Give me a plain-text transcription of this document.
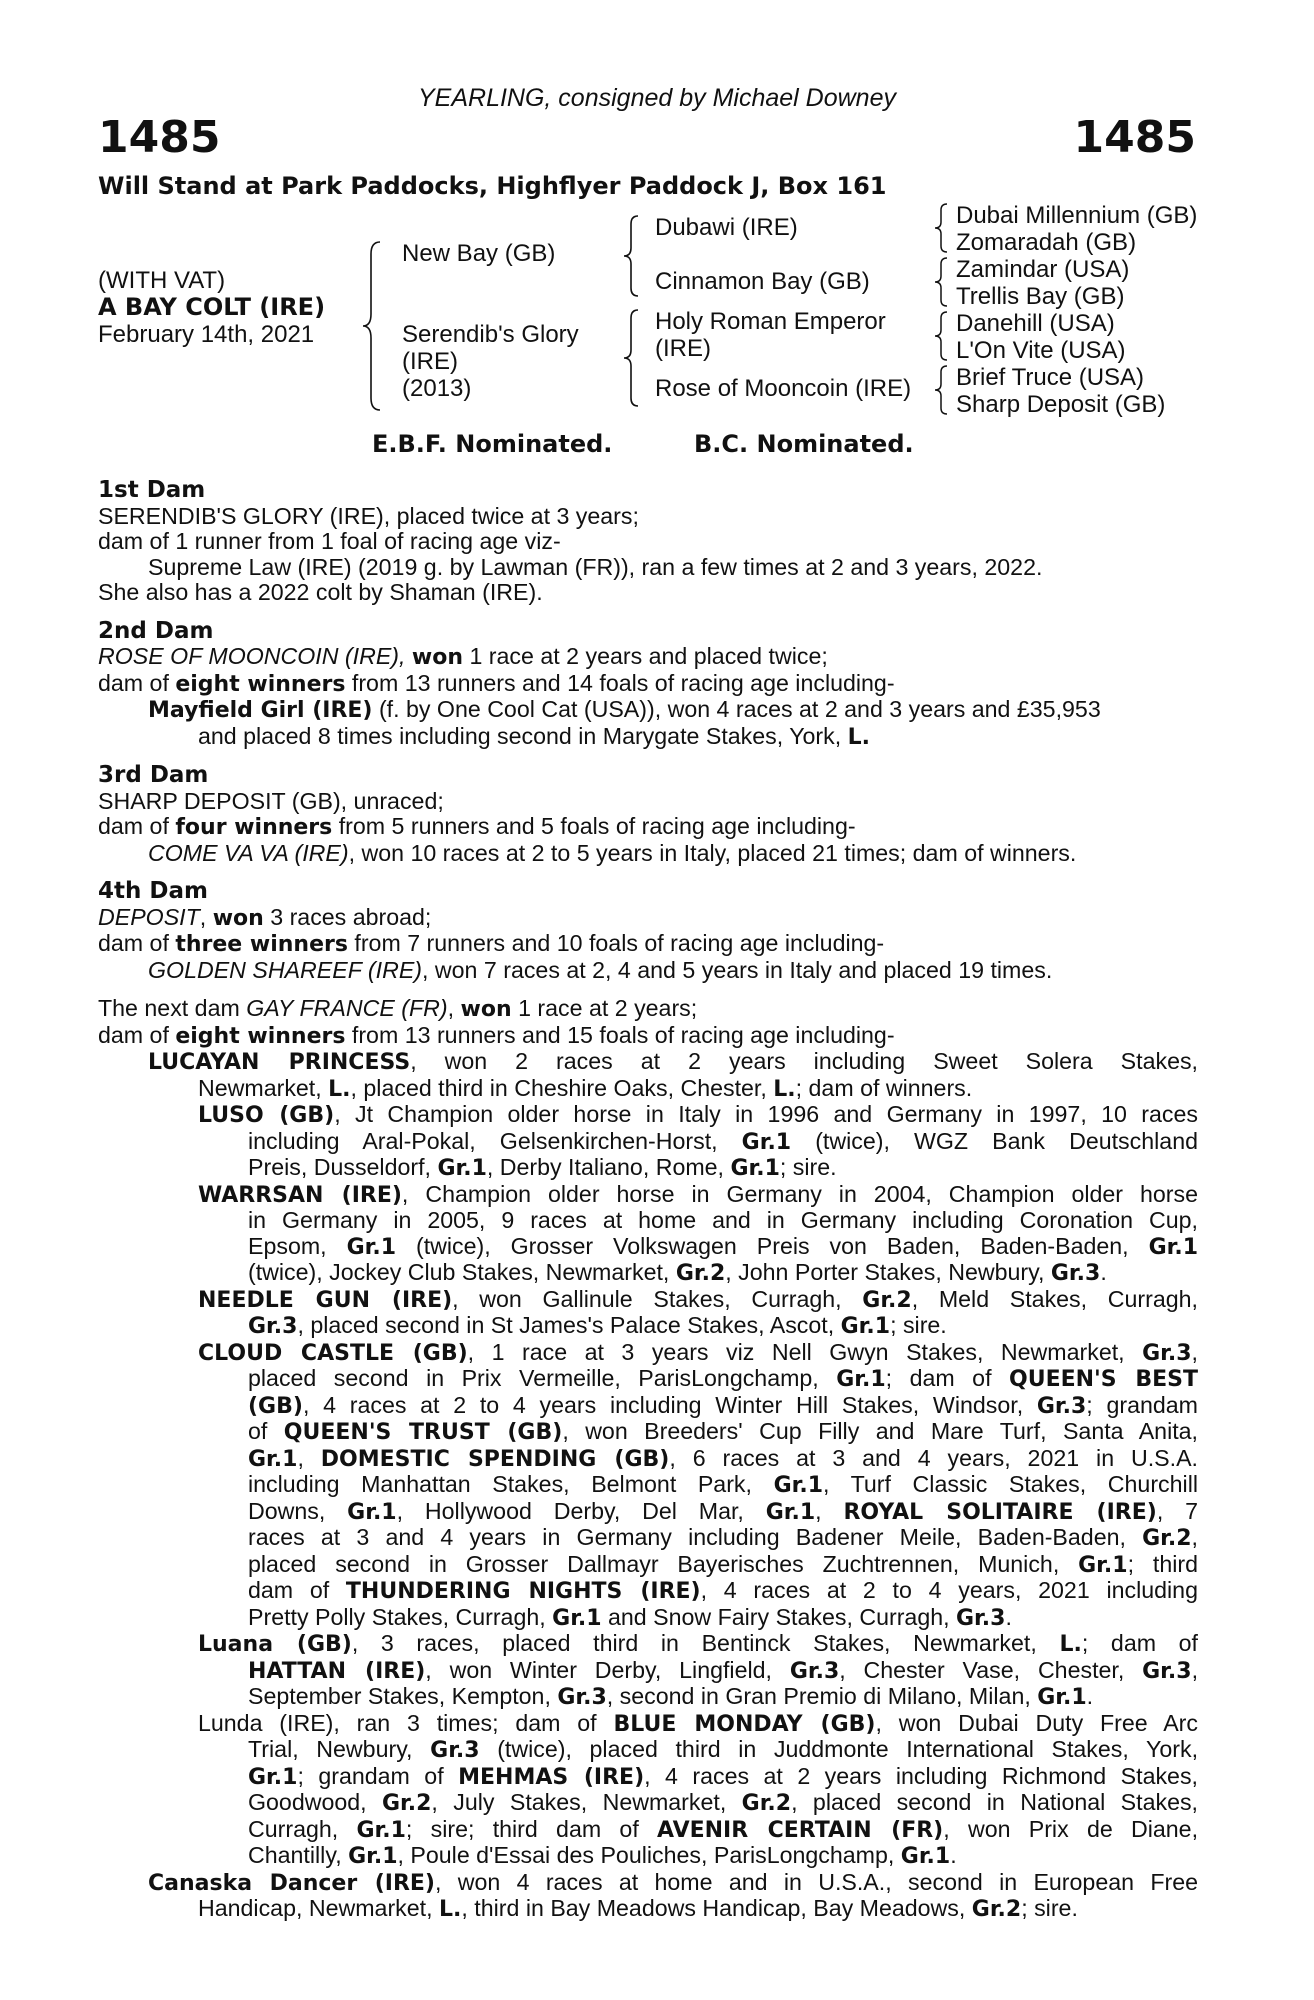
YEARLING, consigned by Michael Downey
1485	1485
Will Stand at Park Paddocks, Highflyer Paddock J, Box 161
(WITH VAT)
A BAY COLT (IRE)
February 14th, 2021
New Bay (GB)
Serendib's Glory
(IRE)
(2013)
Dubawi (IRE)
Cinnamon Bay (GB)
Holy Roman Emperor
(IRE)
Rose of Mooncoin (IRE)
Dubai Millennium (GB)
Zomaradah (GB)
Zamindar (USA)
Trellis Bay (GB)
Danehill (USA)
L'On Vite (USA)
Brief Truce (USA)
Sharp Deposit (GB)
E.B.F. Nominated.	B.C. Nominated.
1st Dam
SERENDIB'S GLORY (IRE), placed twice at 3 years;
dam of 1 runner from 1 foal of racing age viz-
Supreme Law (IRE) (2019 g. by Lawman (FR)), ran a few times at 2 and 3 years, 2022.
She also has a 2022 colt by Shaman (IRE).
2nd Dam
ROSE OF MOONCOIN (IRE), won 1 race at 2 years and placed twice;
dam of eight winners from 13 runners and 14 foals of racing age including-
Mayfield Girl (IRE) (f. by One Cool Cat (USA)), won 4 races at 2 and 3 years and £35,953
and placed 8 times including second in Marygate Stakes, York, L.
3rd Dam
SHARP DEPOSIT (GB), unraced;
dam of four winners from 5 runners and 5 foals of racing age including-
COME VA VA (IRE), won 10 races at 2 to 5 years in Italy, placed 21 times; dam of winners.
4th Dam
DEPOSIT, won 3 races abroad;
dam of three winners from 7 runners and 10 foals of racing age including-
GOLDEN SHAREEF (IRE), won 7 races at 2, 4 and 5 years in Italy and placed 19 times.
The next dam GAY FRANCE (FR), won 1 race at 2 years;
dam of eight winners from 13 runners and 15 foals of racing age including-
LUCAYAN PRINCESS, won 2 races at 2 years including Sweet Solera Stakes,
Newmarket, L., placed third in Cheshire Oaks, Chester, L.; dam of winners.
LUSO (GB), Jt Champion older horse in Italy in 1996 and Germany in 1997, 10 races
including Aral-Pokal, Gelsenkirchen-Horst, Gr.1 (twice), WGZ Bank Deutschland
Preis, Dusseldorf, Gr.1, Derby Italiano, Rome, Gr.1; sire.
WARRSAN (IRE), Champion older horse in Germany in 2004, Champion older horse
in Germany in 2005, 9 races at home and in Germany including Coronation Cup,
Epsom, Gr.1 (twice), Grosser Volkswagen Preis von Baden, Baden-Baden, Gr.1
(twice), Jockey Club Stakes, Newmarket, Gr.2, John Porter Stakes, Newbury, Gr.3.
NEEDLE GUN (IRE), won Gallinule Stakes, Curragh, Gr.2, Meld Stakes, Curragh,
Gr.3, placed second in St James's Palace Stakes, Ascot, Gr.1; sire.
CLOUD CASTLE (GB), 1 race at 3 years viz Nell Gwyn Stakes, Newmarket, Gr.3,
placed second in Prix Vermeille, ParisLongchamp, Gr.1; dam of QUEEN'S BEST
(GB), 4 races at 2 to 4 years including Winter Hill Stakes, Windsor, Gr.3; grandam
of QUEEN'S TRUST (GB), won Breeders' Cup Filly and Mare Turf, Santa Anita,
Gr.1, DOMESTIC SPENDING (GB), 6 races at 3 and 4 years, 2021 in U.S.A.
including Manhattan Stakes, Belmont Park, Gr.1, Turf Classic Stakes, Churchill
Downs, Gr.1, Hollywood Derby, Del Mar, Gr.1, ROYAL SOLITAIRE (IRE), 7
races at 3 and 4 years in Germany including Badener Meile, Baden-Baden, Gr.2,
placed second in Grosser Dallmayr Bayerisches Zuchtrennen, Munich, Gr.1; third
dam of THUNDERING NIGHTS (IRE), 4 races at 2 to 4 years, 2021 including
Pretty Polly Stakes, Curragh, Gr.1 and Snow Fairy Stakes, Curragh, Gr.3.
Luana (GB), 3 races, placed third in Bentinck Stakes, Newmarket, L.; dam of
HATTAN (IRE), won Winter Derby, Lingfield, Gr.3, Chester Vase, Chester, Gr.3,
September Stakes, Kempton, Gr.3, second in Gran Premio di Milano, Milan, Gr.1.
Lunda (IRE), ran 3 times; dam of BLUE MONDAY (GB), won Dubai Duty Free Arc
Trial, Newbury, Gr.3 (twice), placed third in Juddmonte International Stakes, York,
Gr.1; grandam of MEHMAS (IRE), 4 races at 2 years including Richmond Stakes,
Goodwood, Gr.2, July Stakes, Newmarket, Gr.2, placed second in National Stakes,
Curragh, Gr.1; sire; third dam of AVENIR CERTAIN (FR), won Prix de Diane,
Chantilly, Gr.1, Poule d'Essai des Pouliches, ParisLongchamp, Gr.1.
Canaska Dancer (IRE), won 4 races at home and in U.S.A., second in European Free
Handicap, Newmarket, L., third in Bay Meadows Handicap, Bay Meadows, Gr.2; sire.
